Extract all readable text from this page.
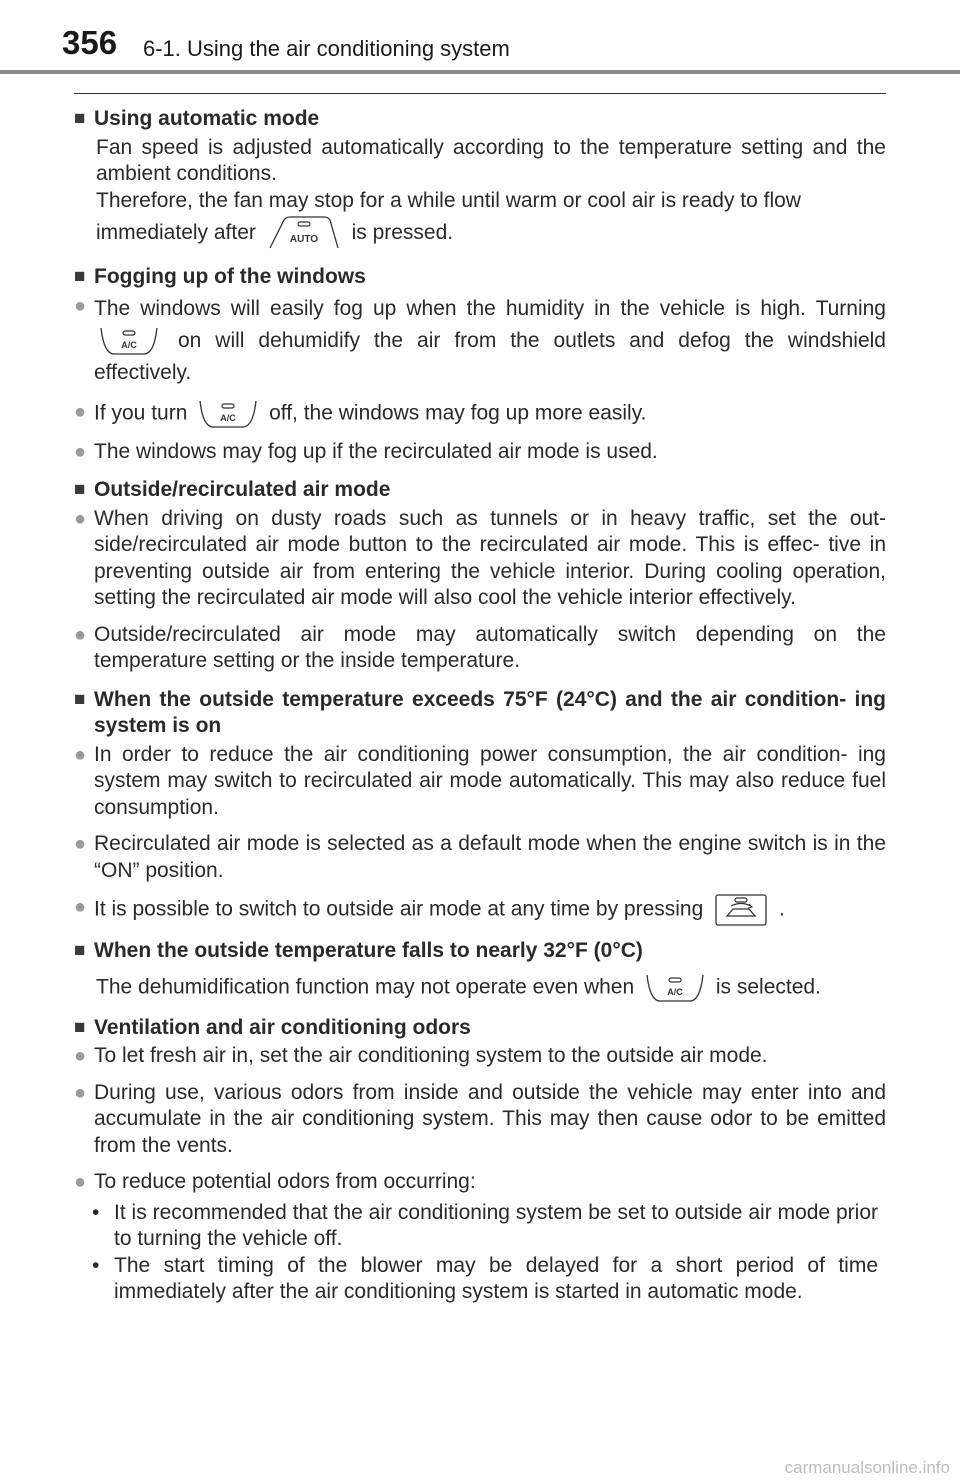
356 6-1. Using the air conditioning system
■ Using automatic mode
Fan speed is adjusted automatically according to the temperature setting and the ambient conditions.
Therefore, the fan may stop for a while until warm or cool air is ready to flow
immediately after	AUTO is pressed.
■ Fogging up of the windows
● The windows will easily fog up when the humidity in the vehicle is high. Turning
A/C on will dehumidify the air from the outlets and defog the windshield effectively.
● If you turn	A/C off, the windows may fog up more easily.
● The windows may fog up if the recirculated air mode is used.
■ Outside/recirculated air mode
● When driving on dusty roads such as tunnels or in heavy traffic, set the out- side/recirculated air mode button to the recirculated air mode. This is effec- tive in preventing outside air from entering the vehicle interior. During cooling operation, setting the recirculated air mode will also cool the vehicle interior effectively.
● Outside/recirculated air mode may automatically switch depending on the temperature setting or the inside temperature.
■ When the outside temperature exceeds 75°F (24°C) and the air condition- ing system is on
● In order to reduce the air conditioning power consumption, the air condition- ing system may switch to recirculated air mode automatically. This may also reduce fuel consumption.
● Recirculated air mode is selected as a default mode when the engine switch is in the “ON” position.
● It is possible to switch to outside air mode at any time by pressing	.
■ When the outside temperature falls to nearly 32°F (0°C)
The dehumidification function may not operate even when	A/C is selected.
■ Ventilation and air conditioning odors
● To let fresh air in, set the air conditioning system to the outside air mode.
● During use, various odors from inside and outside the vehicle may enter into and accumulate in the air conditioning system. This may then cause odor to be emitted from the vents.
● To reduce potential odors from occurring:
• It is recommended that the air conditioning system be set to outside air mode prior to turning the vehicle off.
• The start timing of the blower may be delayed for a short period of time immediately after the air conditioning system is started in automatic mode.
carmanualsonline.info
